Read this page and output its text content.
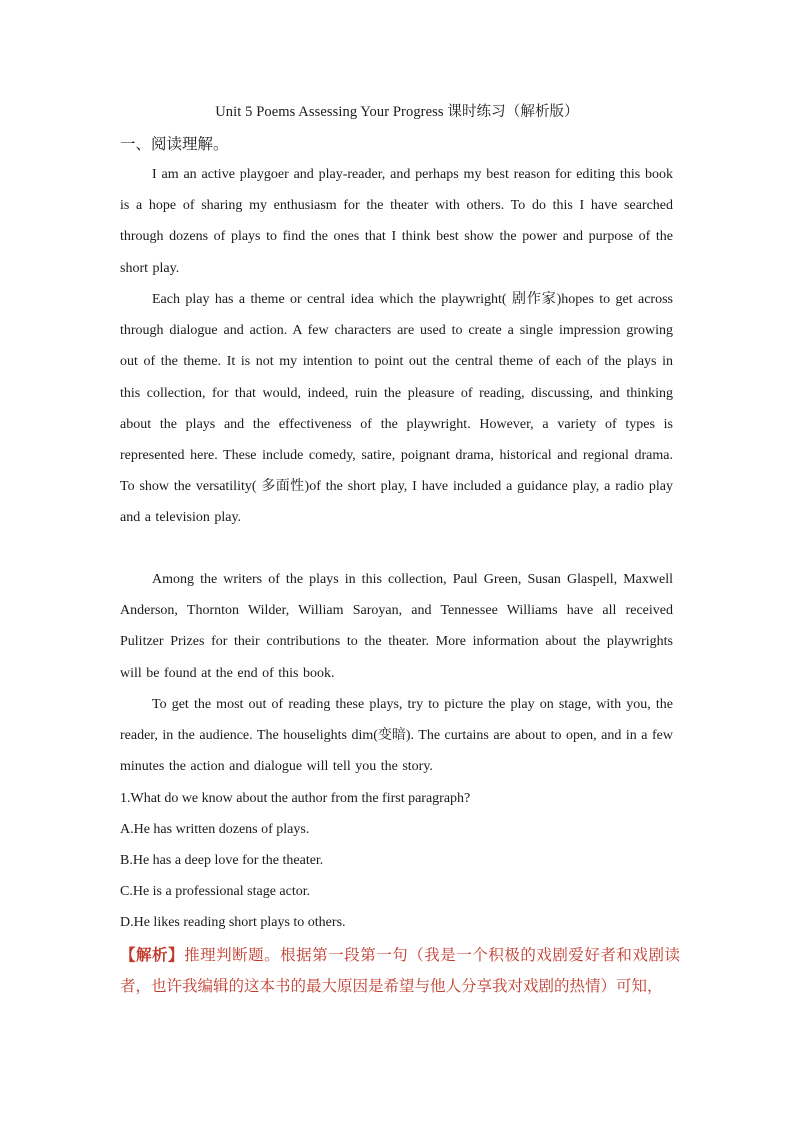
Unit 5 Poems Assessing Your Progress 课时练习（解析版）
一、阅读理解。

I am an active playgoer and play-reader, and perhaps my best reason for editing this book is a hope of sharing my enthusiasm for the theater with others. To do this I have searched through dozens of plays to find the ones that I think best show the power and purpose of the short play.

Each play has a theme or central idea which the playwright( 剧作家)hopes to get across through dialogue and action. A few characters are used to create a single impression growing out of the theme. It is not my intention to point out the central theme of each of the plays in this collection, for that would, indeed, ruin the pleasure of reading, discussing, and thinking about the plays and the effectiveness of the playwright. However, a variety of types is represented here. These include comedy, satire, poignant drama, historical and regional drama. To show the versatility( 多面性)of the short play, I have included a guidance play, a radio play and a television play.

Among the writers of the plays in this collection, Paul Green, Susan Glaspell, Maxwell Anderson, Thornton Wilder, William Saroyan, and Tennessee Williams have all received Pulitzer Prizes for their contributions to the theater. More information about the playwrights will be found at the end of this book.

To get the most out of reading these plays, try to picture the play on stage, with you, the reader, in the audience. The houselights dim(变暗). The curtains are about to open, and in a few minutes the action and dialogue will tell you the story.

1.What do we know about the author from the first paragraph?
A.He has written dozens of plays.
B.He has a deep love for the theater.
C.He is a professional stage actor.
D.He likes reading short plays to others.

【解析】推理判断题。根据第一段第一句（我是一个积极的戏剧爱好者和戏剧读者，也许我编辑的这本书的最大原因是希望与他人分享我对戏剧的热情）可知，
